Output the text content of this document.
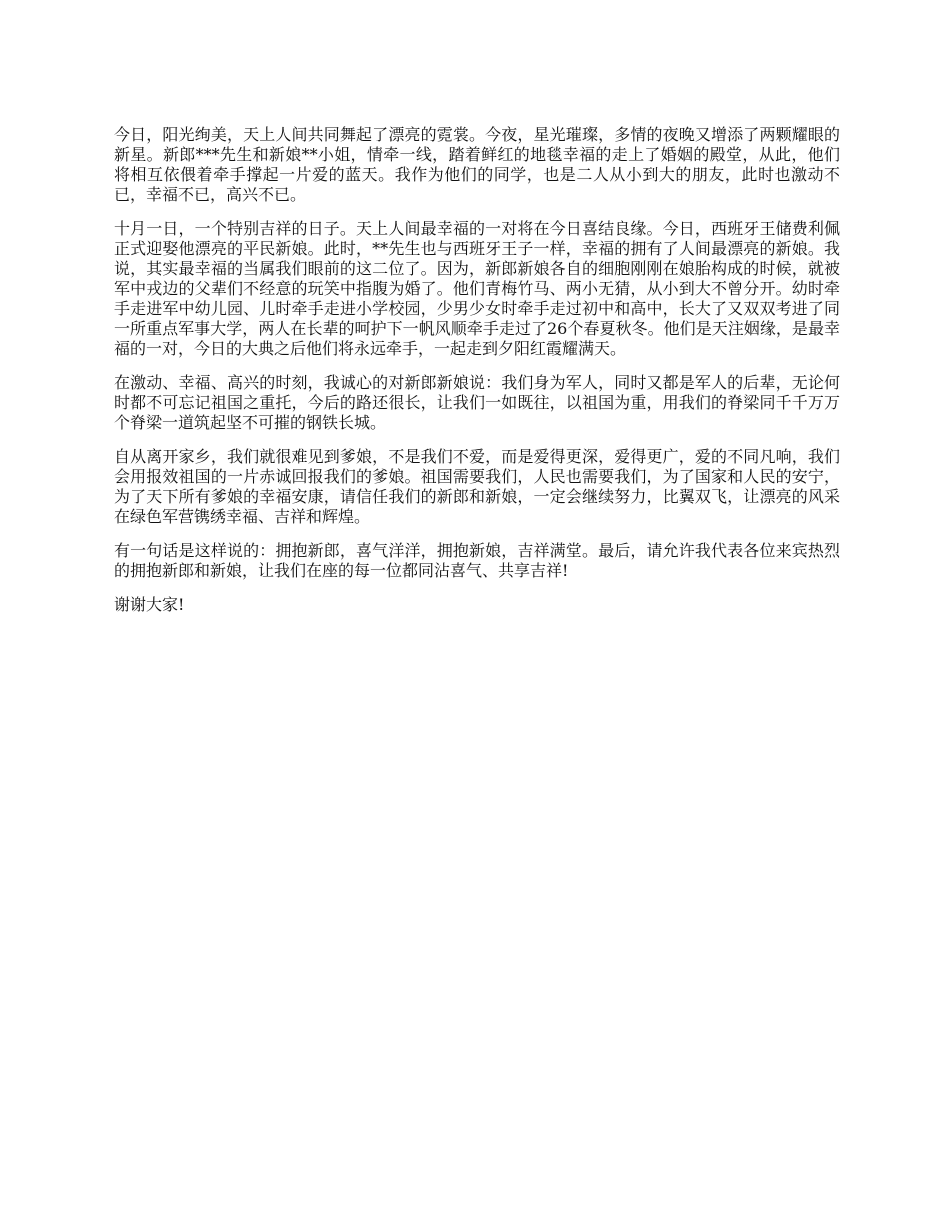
今日，阳光绚美，天上人间共同舞起了漂亮的霓裳。今夜，星光璀璨，多情的夜晚又增添了两颗耀眼的新星。新郎***先生和新娘**小姐，情牵一线，踏着鲜红的地毯幸福的走上了婚姻的殿堂，从此，他们将相互依偎着牵手撑起一片爱的蓝天。我作为他们的同学，也是二人从小到大的朋友，此时也激动不已，幸福不已，高兴不已。

十月一日，一个特别吉祥的日子。天上人间最幸福的一对将在今日喜结良缘。今日，西班牙王储费利佩正式迎娶他漂亮的平民新娘。此时，**先生也与西班牙王子一样，幸福的拥有了人间最漂亮的新娘。我说，其实最幸福的当属我们眼前的这二位了。因为，新郎新娘各自的细胞刚刚在娘胎构成的时候，就被军中戎边的父辈们不经意的玩笑中指腹为婚了。他们青梅竹马、两小无猜，从小到大不曾分开。幼时牵手走进军中幼儿园、儿时牵手走进小学校园，少男少女时牵手走过初中和高中，长大了又双双考进了同一所重点军事大学，两人在长辈的呵护下一帆风顺牵手走过了26个春夏秋冬。他们是天注姻缘，是最幸福的一对，今日的大典之后他们将永远牵手，一起走到夕阳红霞耀满天。

在激动、幸福、高兴的时刻，我诚心的对新郎新娘说：我们身为军人，同时又都是军人的后辈，无论何时都不可忘记祖国之重托，今后的路还很长，让我们一如既往，以祖国为重，用我们的脊梁同千千万万个脊梁一道筑起坚不可摧的钢铁长城。

自从离开家乡，我们就很难见到爹娘，不是我们不爱，而是爱得更深，爱得更广，爱的不同凡响，我们会用报效祖国的一片赤诚回报我们的爹娘。祖国需要我们，人民也需要我们，为了国家和人民的安宁，为了天下所有爹娘的幸福安康，请信任我们的新郎和新娘，一定会继续努力，比翼双飞，让漂亮的风采在绿色军营镌绣幸福、吉祥和辉煌。

有一句话是这样说的：拥抱新郎，喜气洋洋，拥抱新娘，吉祥满堂。最后，请允许我代表各位来宾热烈的拥抱新郎和新娘，让我们在座的每一位都同沾喜气、共享吉祥!

谢谢大家!
